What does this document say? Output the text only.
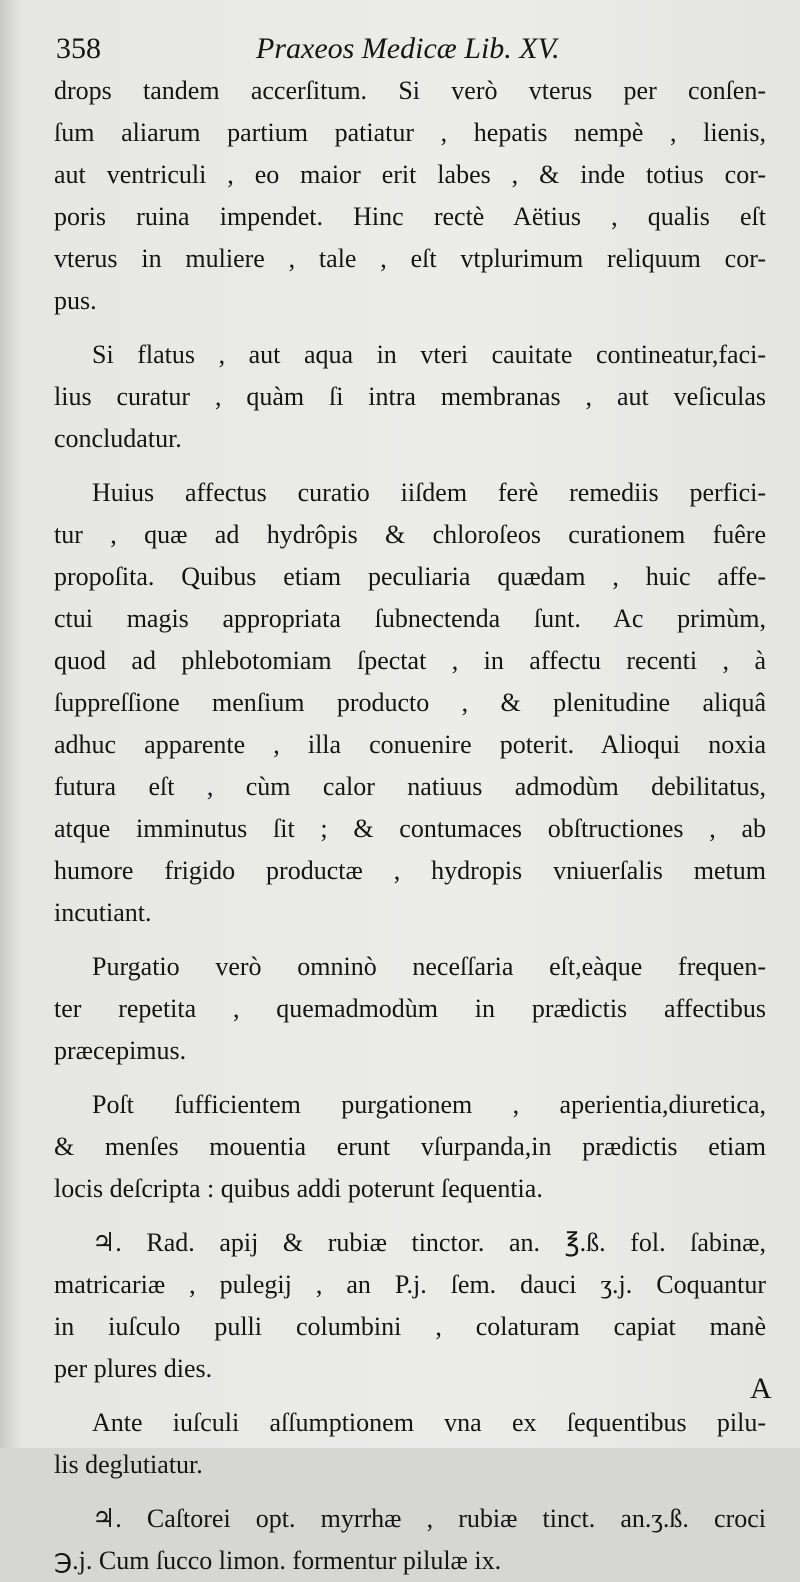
358	Praxeos Medicæ Lib. XV.
drops tandem accerſitum. Si verò vterus per conſen-
ſum aliarum partium patiatur , hepatis nempè , lienis,
aut ventriculi , eo maior erit labes , & inde totius cor-
poris ruina impendet. Hinc rectè Aëtius , qualis eſt
vterus in muliere , tale , eſt vtplurimum reliquum cor-
pus.
Si flatus , aut aqua in vteri cauitate contineatur,faci-
lius curatur , quàm ſi intra membranas , aut veſiculas
concludatur.
Huius affectus curatio iiſdem ferè remediis perfici-
tur , quæ ad hydrôpis & chloroſeos curationem fuêre
propoſita. Quibus etiam peculiaria quædam , huic affe-
ctui magis appropriata ſubnectenda ſunt. Ac primùm,
quod ad phlebotomiam ſpectat , in affectu recenti , à
ſuppreſſione menſium producto , & plenitudine aliquâ
adhuc apparente , illa conuenire poterit. Alioqui noxia
futura eſt , cùm calor natiuus admodùm debilitatus,
atque imminutus ſit ; & contumaces obſtructiones , ab
humore frigido productæ , hydropis vniuerſalis metum
incutiant.
Purgatio verò omninò neceſſaria eſt,eàque frequen-
ter repetita , quemadmodùm in prædictis affectibus
præcepimus.
Poſt ſufficientem purgationem , aperientia,diuretica,
& menſes mouentia erunt vſurpanda,in prædictis etiam
locis deſcripta : quibus addi poterunt ſequentia.
♃. Rad. apij & rubiæ tinctor. an. ℥.ß. fol. ſabinæ,
matricariæ , pulegij , an P.j. ſem. dauci ʒ.j. Coquantur
in iuſculo pulli columbini , colaturam capiat manè
per plures dies.
Ante iuſculi aſſumptionem vna ex ſequentibus pilu-
lis deglutiatur.
♃. Caſtorei opt. myrrhæ , rubiæ tinct. an.ʒ.ß. croci
℈.j. Cum ſucco limon. formentur pilulæ ix.
A
